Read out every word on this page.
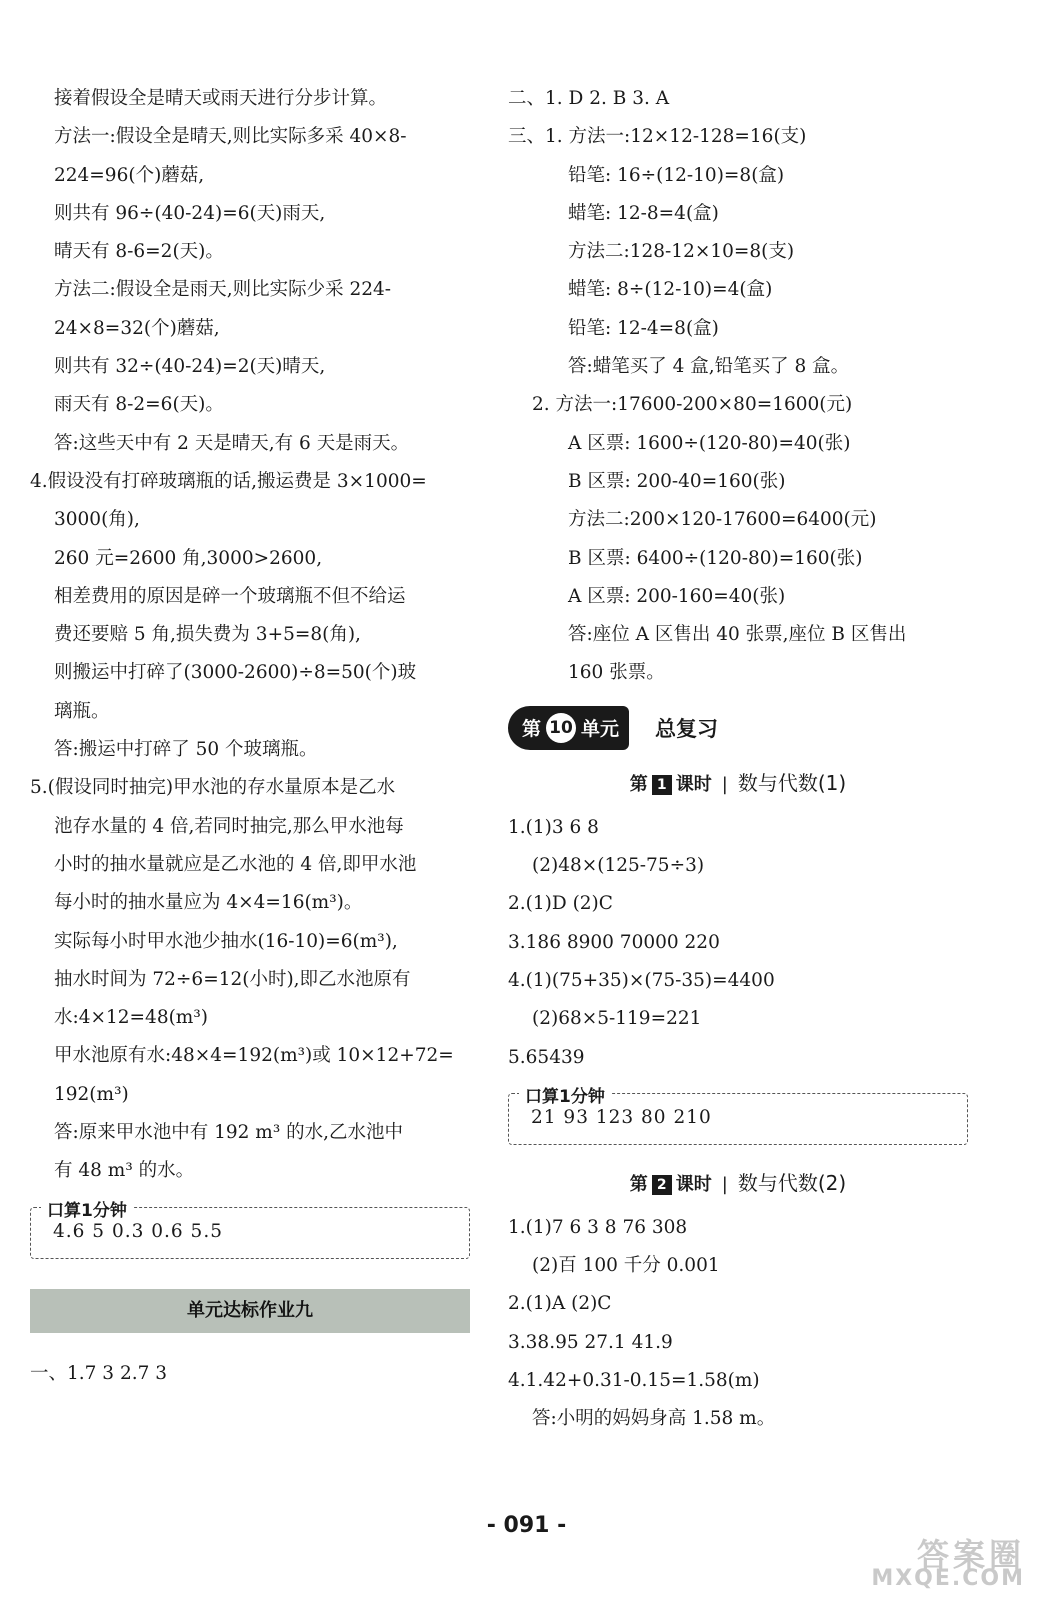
接着假设全是晴天或雨天进行分步计算。
方法一:假设全是晴天,则比实际多采 40×8-
224=96(个)蘑菇,
则共有 96÷(40-24)=6(天)雨天,
晴天有 8-6=2(天)。
方法二:假设全是雨天,则比实际少采 224-
24×8=32(个)蘑菇,
则共有 32÷(40-24)=2(天)晴天,
雨天有 8-2=6(天)。
答:这些天中有 2 天是晴天,有 6 天是雨天。
4.假设没有打碎玻璃瓶的话,搬运费是 3×1000=
3000(角),
260 元=2600 角,3000>2600,
相差费用的原因是碎一个玻璃瓶不但不给运
费还要赔 5 角,损失费为 3+5=8(角),
则搬运中打碎了(3000-2600)÷8=50(个)玻
璃瓶。
答:搬运中打碎了 50 个玻璃瓶。
5.(假设同时抽完)甲水池的存水量原本是乙水
池存水量的 4 倍,若同时抽完,那么甲水池每
小时的抽水量就应是乙水池的 4 倍,即甲水池
每小时的抽水量应为 4×4=16(m³)。
实际每小时甲水池少抽水(16-10)=6(m³),
抽水时间为 72÷6=12(小时),即乙水池原有
水:4×12=48(m³)
甲水池原有水:48×4=192(m³)或 10×12+72=
192(m³)
答:原来甲水池中有 192 m³ 的水,乙水池中
有 48 m³ 的水。
口算1分钟
4.6 5 0.3 0.6 5.5
单元达标作业九
一、1.7 3 2.7 3
二、1. D 2. B 3. A
三、1. 方法一:12×12-128=16(支)
铅笔: 16÷(12-10)=8(盒)
蜡笔: 12-8=4(盒)
方法二:128-12×10=8(支)
蜡笔: 8÷(12-10)=4(盒)
铅笔: 12-4=8(盒)
答:蜡笔买了 4 盒,铅笔买了 8 盒。
2. 方法一:17600-200×80=1600(元)
A 区票: 1600÷(120-80)=40(张)
B 区票: 200-40=160(张)
方法二:200×120-17600=6400(元)
B 区票: 6400÷(120-80)=160(张)
A 区票: 200-160=40(张)
答:座位 A 区售出 40 张票,座位 B 区售出
160 张票。
第 10 单元 总复习
第 1 课时 | 数与代数(1)
1.(1)3 6 8
(2)48×(125-75÷3)
2.(1)D (2)C
3.186 8900 70000 220
4.(1)(75+35)×(75-35)=4400
(2)68×5-119=221
5.65439
口算1分钟
21 93 123 80 210
第 2 课时 | 数与代数(2)
1.(1)7 6 3 8 76 308
(2)百 100 千分 0.001
2.(1)A (2)C
3.38.95 27.1 41.9
4.1.42+0.31-0.15=1.58(m)
答:小明的妈妈身高 1.58 m。
- 091 -
答案圈
MXQE.COM
